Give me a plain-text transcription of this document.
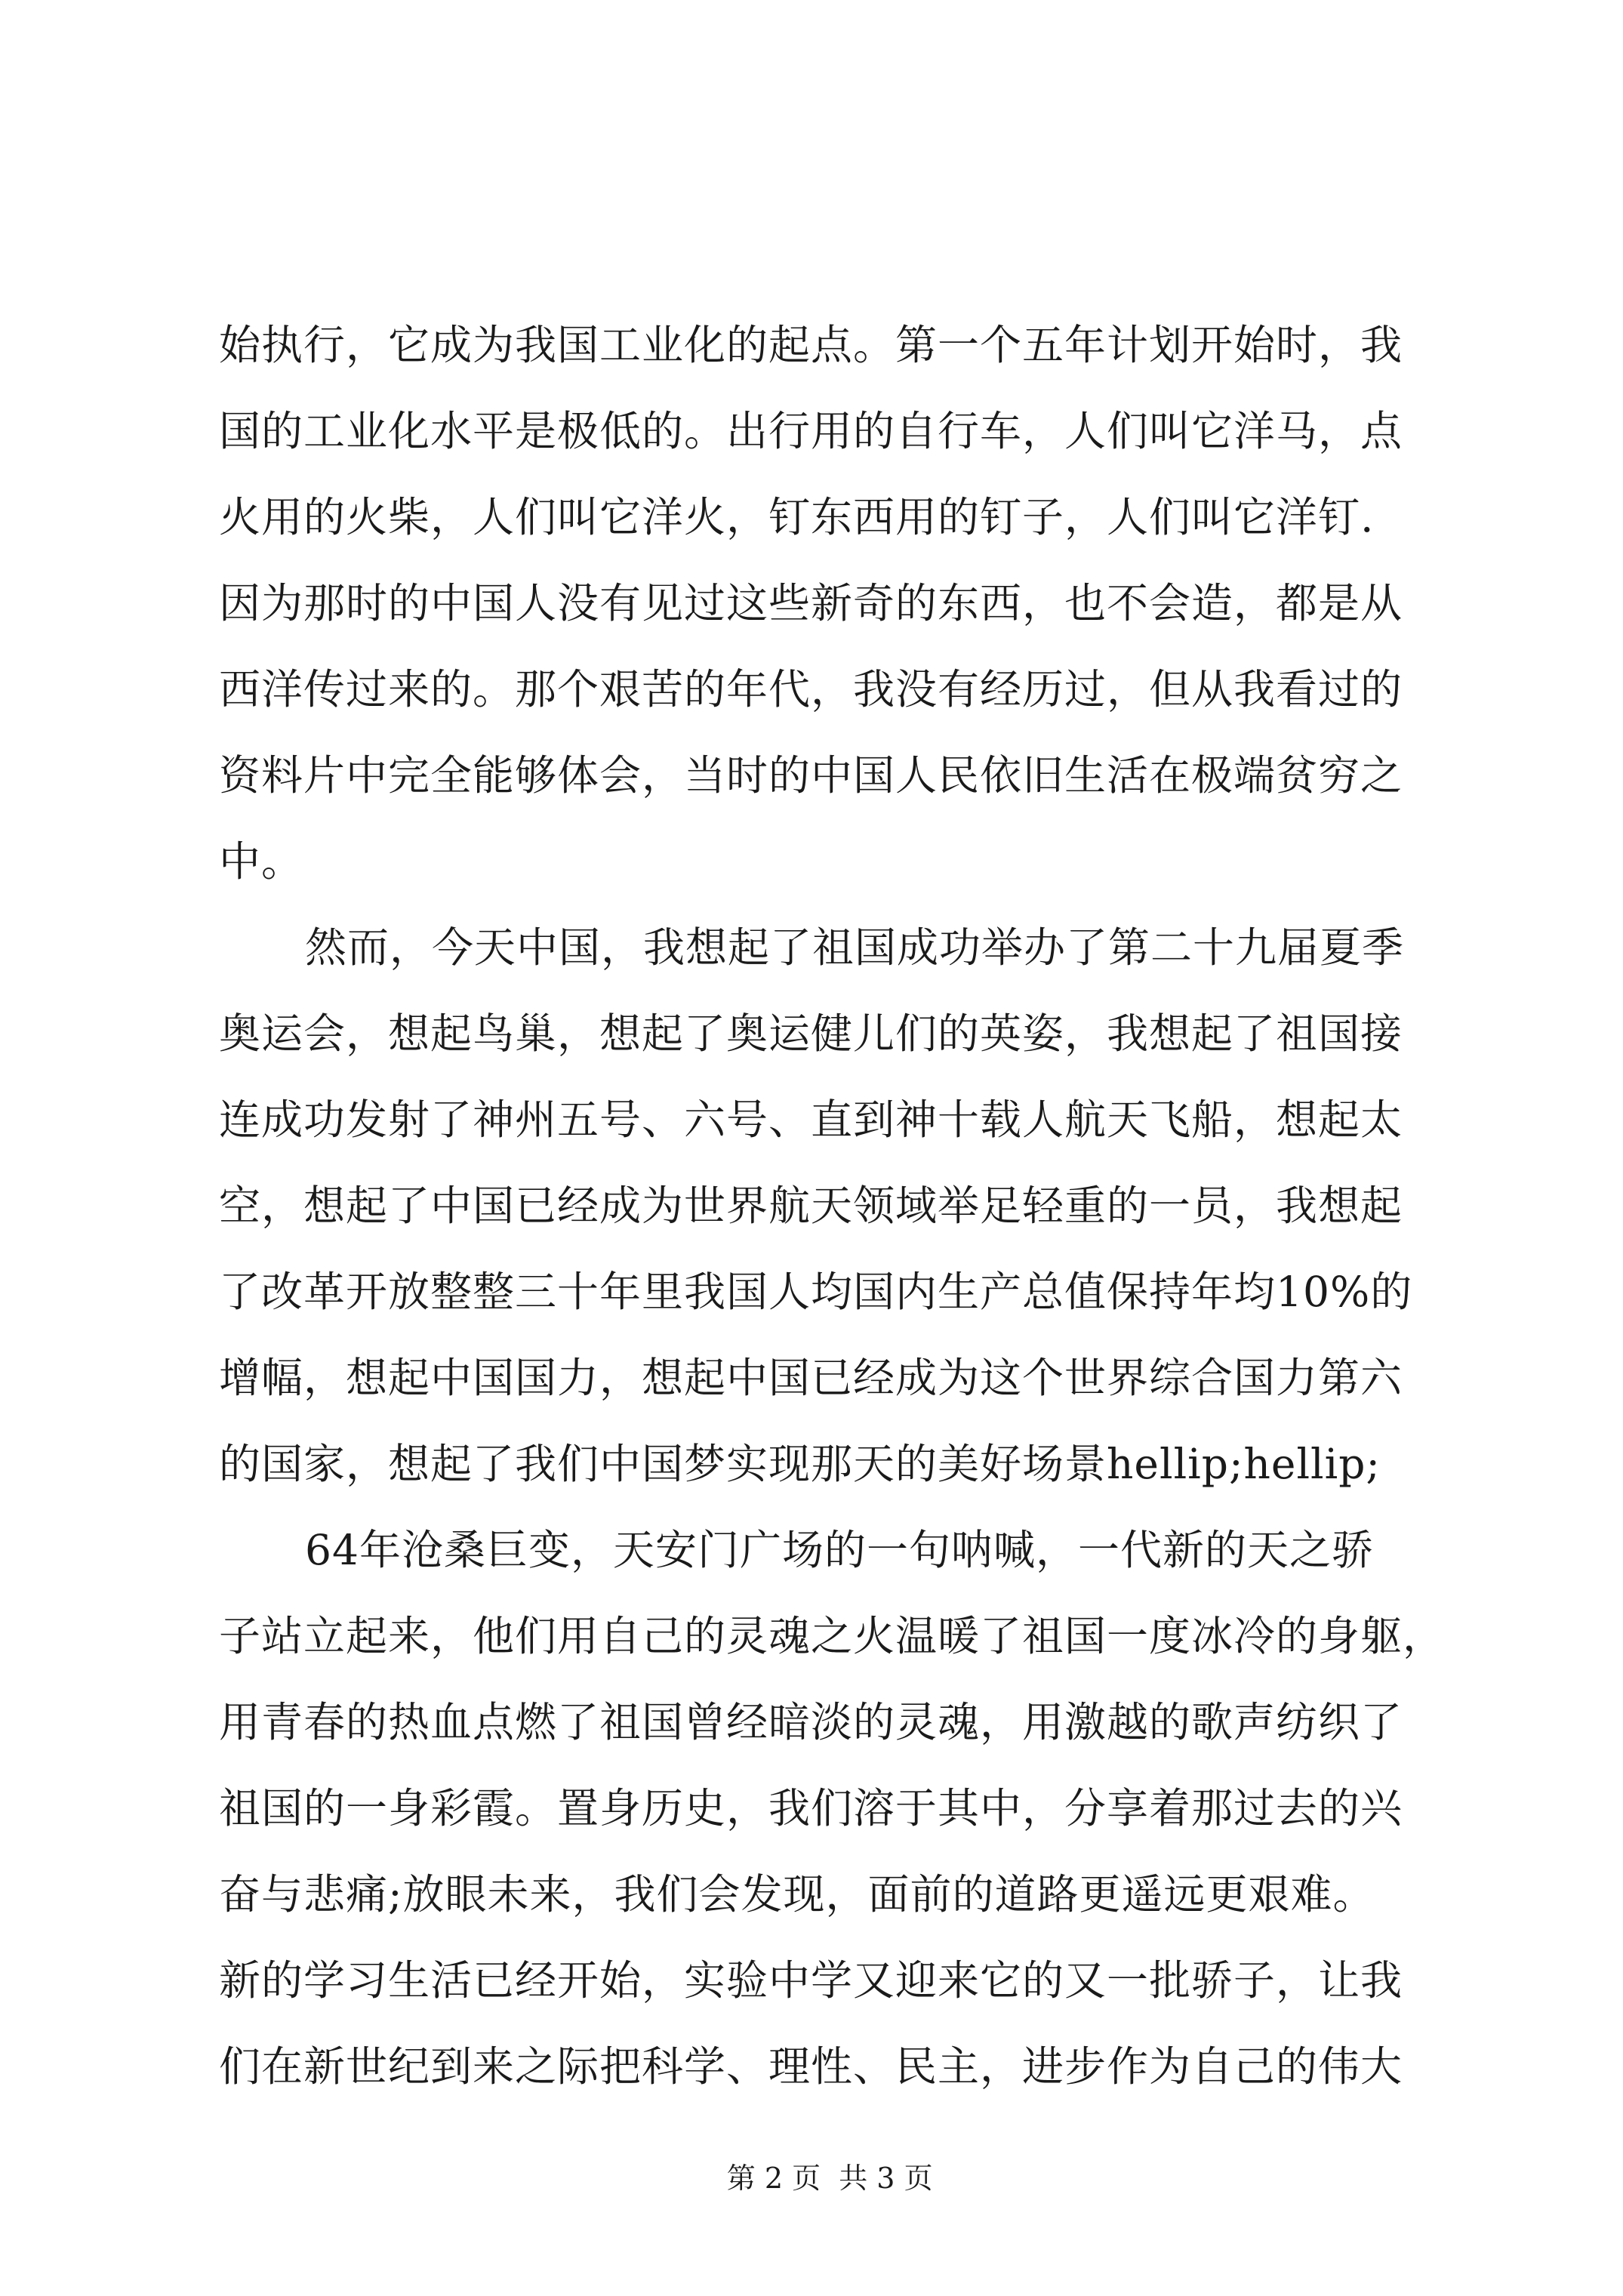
始执行，它成为我国工业化的起点。第一个五年计划开始时，我
国的工业化水平是极低的。出行用的自行车，人们叫它洋马，点
火用的火柴，人们叫它洋火，钉东西用的钉子，人们叫它洋钉.
因为那时的中国人没有见过这些新奇的东西，也不会造，都是从
西洋传过来的。那个艰苦的年代，我没有经历过，但从我看过的
资料片中完全能够体会，当时的中国人民依旧生活在极端贫穷之
中。
然而，今天中国，我想起了祖国成功举办了第二十九届夏季
奥运会，想起鸟巢，想起了奥运健儿们的英姿，我想起了祖国接
连成功发射了神州五号、六号、直到神十载人航天飞船，想起太
空，想起了中国已经成为世界航天领域举足轻重的一员，我想起
了改革开放整整三十年里我国人均国内生产总值保持年均10%的
增幅，想起中国国力，想起中国已经成为这个世界综合国力第六
的国家，想起了我们中国梦实现那天的美好场景hellip;hellip;
64年沧桑巨变，天安门广场的一句呐喊，一代新的天之骄
子站立起来，他们用自己的灵魂之火温暖了祖国一度冰冷的身躯，
用青春的热血点燃了祖国曾经暗淡的灵魂，用激越的歌声纺织了
祖国的一身彩霞。置身历史，我们溶于其中，分享着那过去的兴
奋与悲痛;放眼未来，我们会发现，面前的道路更遥远更艰难。
新的学习生活已经开始，实验中学又迎来它的又一批骄子，让我
们在新世纪到来之际把科学、理性、民主，进步作为自己的伟大

第 2 页  共 3 页
